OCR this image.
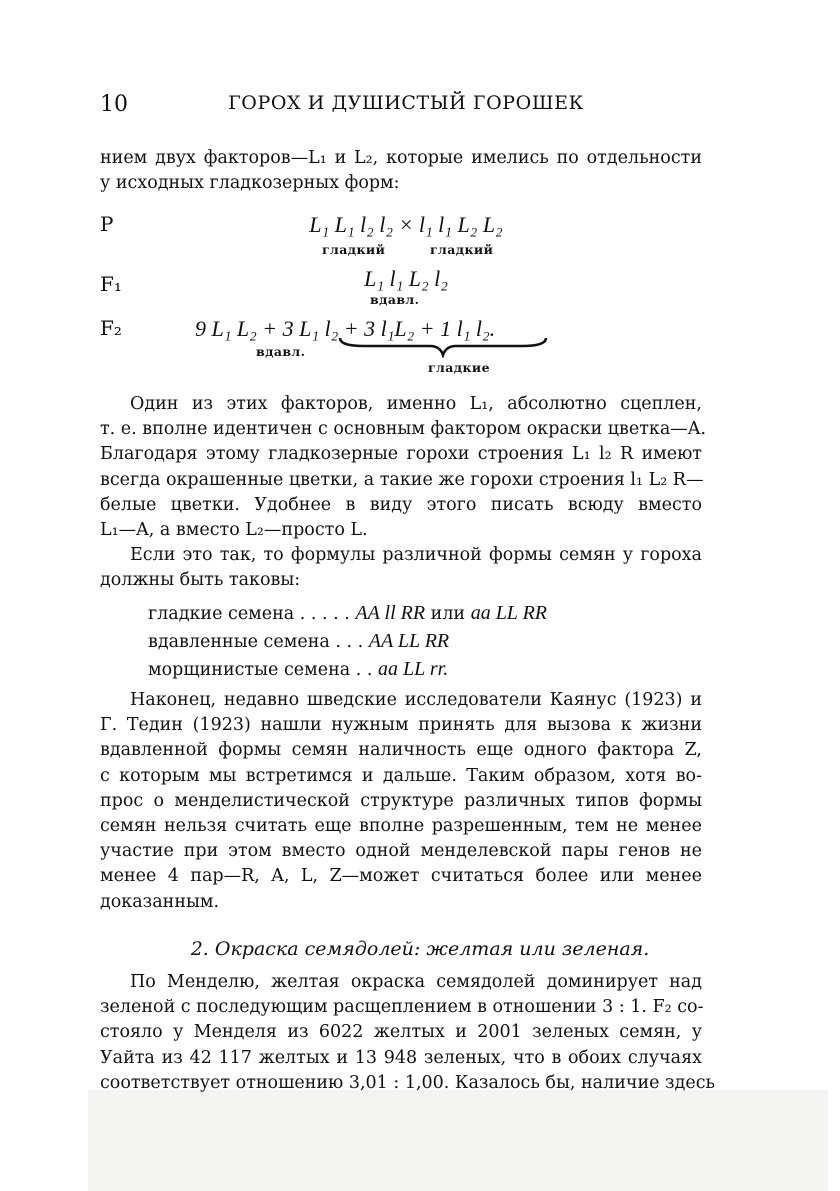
10	ГОРОХ И ДУШИСТЫЙ ГОРОШЕК
нием двух факторов—L₁ и L₂, которые имелись по отдельности
у исходных гладкозерных форм:
P	L₁ L₁ l₂ l₂ × l₁ l₁ L₂ L₂
гладкий	гладкий
F₁	L₁ l₁ L₂ l₂
вдавл.
F₂	9 L₁ L₂ + 3 L₁ l₂ + 3 l₁L₂ + 1 l₁ l₂.
вдавл.
гладкие
Один из этих факторов, именно L₁, абсолютно сцеплен,
т. е. вполне идентичен с основным фактором окраски цветка—A.
Благодаря этому гладкозерные горохи строения L₁ l₂ R имеют
всегда окрашенные цветки, а такие же горохи строения l₁ L₂ R—
белые цветки. Удобнее в виду этого писать всюду вместо
L₁—A, а вместо L₂—просто L.
Если это так, то формулы различной формы семян у гороха
должны быть таковы:
гладкие семена . . . . . AA ll RR или aa LL RR
вдавленные семена . . . AA LL RR
морщинистые семена . . aa LL rr.
Наконец, недавно шведские исследователи Каянус (1923) и
Г. Тедин (1923) нашли нужным принять для вызова к жизни
вдавленной формы семян наличность еще одного фактора Z,
с которым мы встретимся и дальше. Таким образом, хотя во-
прос о менделистической структуре различных типов формы
семян нельзя считать еще вполне разрешенным, тем не менее
участие при этом вместо одной менделевской пары генов не
менее 4 пар—R, A, L, Z—может считаться более или менее
доказанным.
2. Окраска семядолей: желтая или зеленая.
По Менделю, желтая окраска семядолей доминирует над
зеленой с последующим расщеплением в отношении 3 : 1. F₂ со-
стояло у Менделя из 6022 желтых и 2001 зеленых семян, у
Уайта из 42 117 желтых и 13 948 зеленых, что в обоих случаях
соответствует отношению 3,01 : 1,00. Казалось бы, наличие здесь
